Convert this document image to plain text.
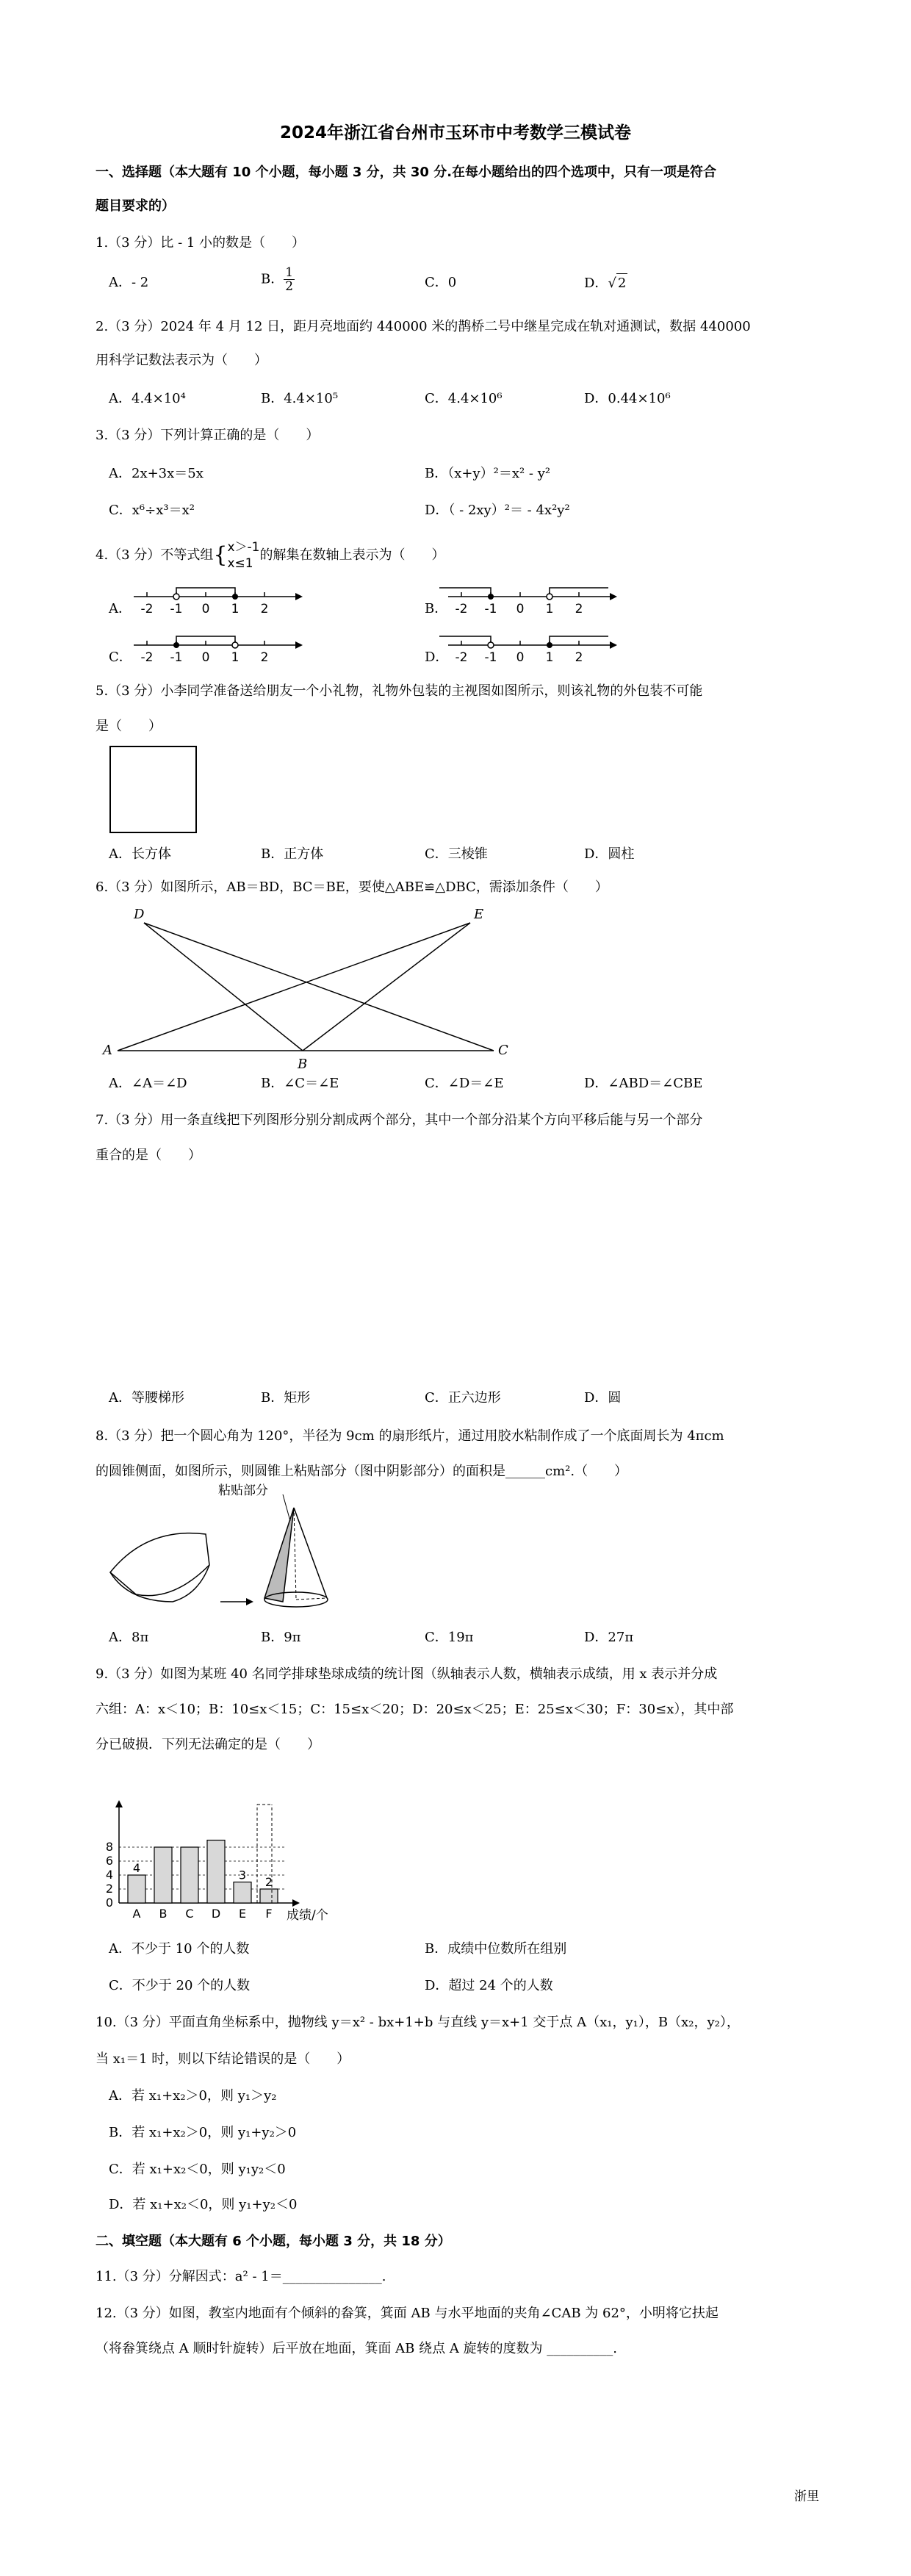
2024年浙江省台州市玉环市中考数学三模试卷
一、选择题（本大题有 10 个小题，每小题 3 分，共 30 分.在每小题给出的四个选项中，只有一项是符合
题目要求的）
1.（3 分）比 - 1 小的数是（　　）
A．- 2	B． $\frac{1}{2}$	C．0	D．√ 2
2.（3 分）2024 年 4 月 12 日，距月亮地面约 440000 米的鹊桥二号中继星完成在轨对通测试，数据 440000
用科学记数法表示为（　　）
A．4.4×10⁴	B．4.4×10⁵	C．4.4×10⁶	D．0.44×10⁶
3.（3 分）下列计算正确的是（　　）
A．2x+3x＝5x	B．（x+y）²＝x² - y²
C．x⁶÷x³＝x²	D．（ - 2xy）²＝ - 4x²y²
4.（3 分）不等式组{ x＞-1
x≤1
的解集在数轴上表示为（　　）
A．	B．
C．	D．
-2 -1 0 1 2	-2 -1 0 1 2
-2 -1 0 1 2	-2 -1 0 1 2
5.（3 分）小李同学准备送给朋友一个小礼物，礼物外包装的主视图如图所示，则该礼物的外包装不可能
是（　　）
A．长方体	B．正方体	C．三棱锥	D．圆柱
6.（3 分）如图所示，AB＝BD，BC＝BE，要使△ABE≌△DBC，需添加条件（　　）
D	E
A
B
C
A．∠A＝∠D	B．∠C＝∠E	C．∠D＝∠E	D．∠ABD＝∠CBE
7.（3 分）用一条直线把下列图形分别分割成两个部分，其中一个部分沿某个方向平移后能与另一个部分
重合的是（　　）
A．等腰梯形	B．矩形	C．正六边形	D．圆
8.（3 分）把一个圆心角为 120°，半径为 9cm 的扇形纸片，通过用胶水粘制作成了一个底面周长为 4πcm
的圆锥侧面，如图所示，则圆锥上粘贴部分（图中阴影部分）的面积是______cm².（　　）
粘贴部分
A．8π	B．9π	C．19π	D．27π
9.（3 分）如图为某班 40 名同学排球垫球成绩的统计图（纵轴表示人数，横轴表示成绩，用 x 表示并分成
六组：A：x＜10；B：10≤x＜15；C：15≤x＜20；D：20≤x＜25；E：25≤x＜30；F：30≤x），其中部
分已破损．下列无法确定的是（　　）
0
2
4
6
8
A
4
B C D E
3
F
2
成绩/个
A．不少于 10 个的人数	B．成绩中位数所在组别
C．不少于 20 个的人数	D．超过 24 个的人数
10.（3 分）平面直角坐标系中，抛物线 y＝x² - bx+1+b 与直线 y＝x+1 交于点 A（x₁，y₁），B（x₂，y₂），
当 x₁＝1 时，则以下结论错误的是（　　）
A．若 x₁+x₂＞0，则 y₁＞y₂
B．若 x₁+x₂＞0，则 y₁+y₂＞0
C．若 x₁+x₂＜0，则 y₁y₂＜0
D．若 x₁+x₂＜0，则 y₁+y₂＜0
二、填空题（本大题有 6 个小题，每小题 3 分，共 18 分）
11.（3 分）分解因式：a² - 1＝_______________.
12.（3 分）如图，教室内地面有个倾斜的畚箕，箕面 AB 与水平地面的夹角∠CAB 为 62°，小明将它扶起
（将畚箕绕点 A 顺时针旋转）后平放在地面，箕面 AB 绕点 A 旋转的度数为 __________.
浙里
